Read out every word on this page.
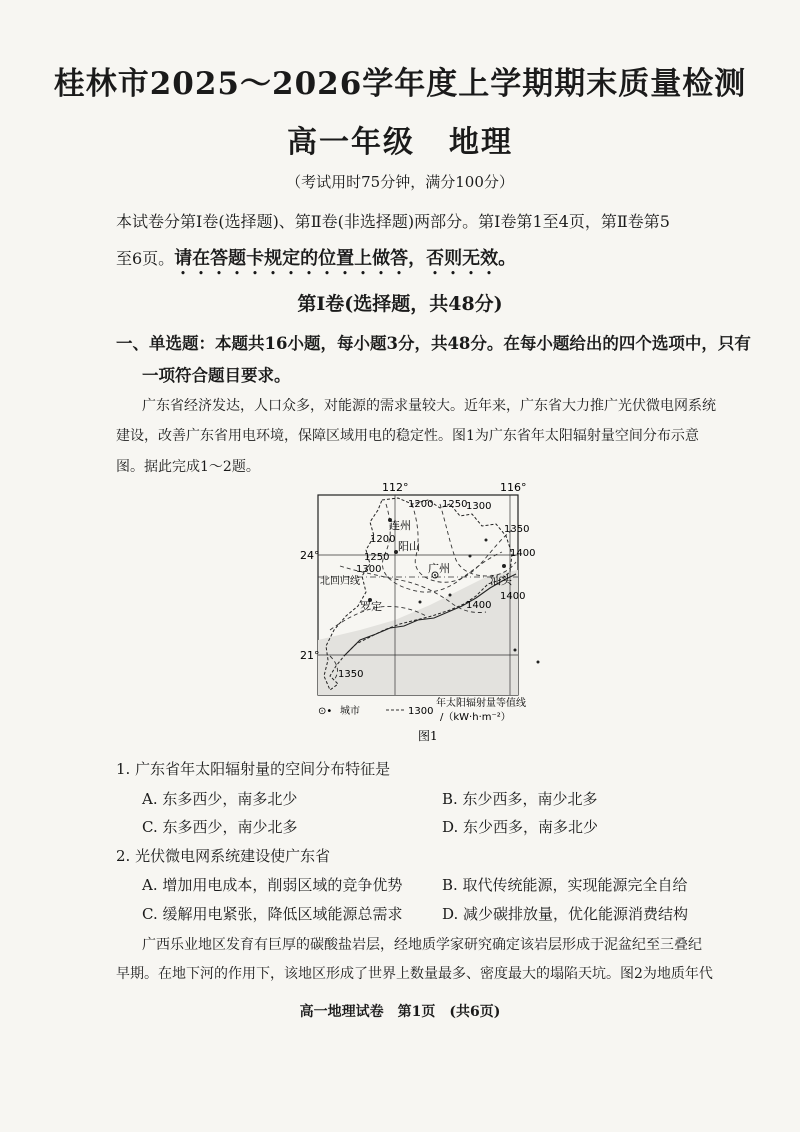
桂林市2025～2026学年度上学期期末质量检测
高一年级 地理
（考试用时75分钟，满分100分）
本试卷分第Ⅰ卷(选择题)、第Ⅱ卷(非选择题)两部分。第Ⅰ卷第1至4页，第Ⅱ卷第5
至6页。请在答题卡规定的位置上做答，否则无效。
第Ⅰ卷(选择题，共48分)
一、单选题：本题共16小题，每小题3分，共48分。在每小题给出的四个选项中，只有
一项符合题目要求。
广东省经济发达，人口众多，对能源的需求量较大。近年来，广东省大力推广光伏微电网系统
建设，改善广东省用电环境，保障区域用电的稳定性。图1为广东省年太阳辐射量空间分布示意
图。据此完成1～2题。
112°	116°
24°
21°
北回归线
连州
阳山
广州
汕头
罗定
1200 1250
1300
1350
1200
1250
1300
1400
1400
1400
1350
⊙• 城市	1300
年太阳辐射量等值线
/（kW·h·m⁻²）
图1
1. 广东省年太阳辐射量的空间分布特征是
A. 东多西少，南多北少	B. 东少西多，南少北多
C. 东多西少，南少北多	D. 东少西多，南多北少
2. 光伏微电网系统建设使广东省
A. 增加用电成本，削弱区域的竞争优势	B. 取代传统能源，实现能源完全自给
C. 缓解用电紧张，降低区域能源总需求	D. 减少碳排放量，优化能源消费结构
广西乐业地区发育有巨厚的碳酸盐岩层，经地质学家研究确定该岩层形成于泥盆纪至三叠纪
早期。在地下河的作用下，该地区形成了世界上数量最多、密度最大的塌陷天坑。图2为地质年代
高一地理试卷 第1页 (共6页)
